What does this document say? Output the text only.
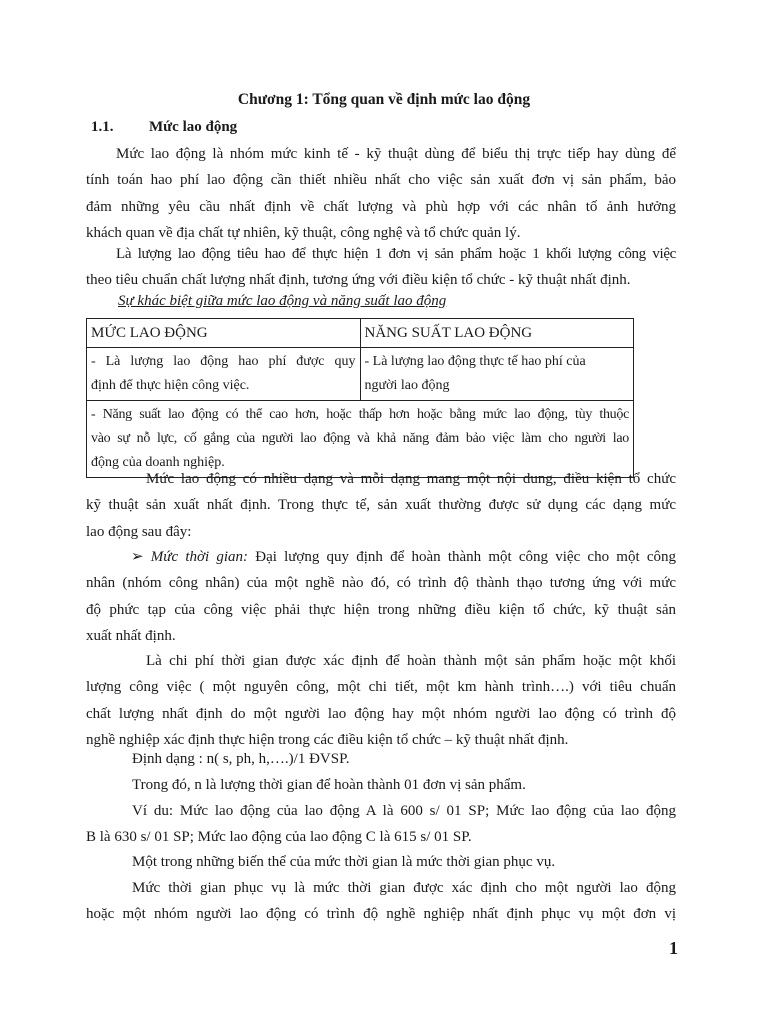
Chương 1: Tổng quan về định mức lao động
1.1. Mức lao động
Mức lao động là nhóm mức kinh tế - kỹ thuật dùng để biểu thị trực tiếp hay dùng để
tính toán hao phí lao động cần thiết nhiều nhất cho việc sản xuất đơn vị sản phẩm, bảo
đảm những yêu cầu nhất định về chất lượng và phù hợp với các nhân tố ảnh hưởng
khách quan về địa chất tự nhiên, kỹ thuật, công nghệ và tổ chức quản lý.
Là lượng lao động tiêu hao để thực hiện 1 đơn vị sản phẩm hoặc 1 khối lượng công việc
theo tiêu chuẩn chất lượng nhất định, tương ứng với điều kiện tổ chức - kỹ thuật nhất định.
Sự khác biệt giữa mức lao động và năng suất lao động
MỨC LAO ĐỘNG	NĂNG SUẤT LAO ĐỘNG

- Là lượng lao động hao phí được quy
định để thực hiện công việc.	- Là lượng lao động thực tế hao phí của
người lao động

- Năng suất lao động có thể cao hơn, hoặc thấp hơn hoặc bằng mức lao động, tùy thuộc
vào sự nỗ lực, cố gắng của người lao động và khả năng đảm bảo việc làm cho người lao
động của doanh nghiệp.	
Mức lao động có nhiều dạng và mỗi dạng mang một nội dung, điều kiện tổ chức
kỹ thuật sản xuất nhất định. Trong thực tế, sản xuất thường được sử dụng các dạng mức
lao động sau đây:
➢ Mức thời gian: Đại lượng quy định để hoàn thành một công việc cho một công
nhân (nhóm công nhân) của một nghề nào đó, có trình độ thành thạo tương ứng với mức
độ phức tạp của công việc phải thực hiện trong những điều kiện tổ chức, kỹ thuật sản
xuất nhất định.
Là chi phí thời gian được xác định để hoàn thành một sản phẩm hoặc một khối
lượng công việc ( một nguyên công, một chi tiết, một km hành trình….) với tiêu chuẩn
chất lượng nhất định do một người lao động hay một nhóm người lao động có trình độ
nghề nghiệp xác định thực hiện trong các điều kiện tổ chức – kỹ thuật nhất định.
Định dạng : n( s, ph, h,….)/1 ĐVSP.
Trong đó, n là lượng thời gian để hoàn thành 01 đơn vị sản phẩm.
Ví du: Mức lao động của lao động A là 600 s/ 01 SP; Mức lao động của lao động
B là 630 s/ 01 SP; Mức lao động của lao động C là 615 s/ 01 SP.
Một trong những biến thể của mức thời gian là mức thời gian phục vụ.
Mức thời gian phục vụ là mức thời gian được xác định cho một người lao động
hoặc một nhóm người lao động có trình độ nghề nghiệp nhất định phục vụ một đơn vị
1
